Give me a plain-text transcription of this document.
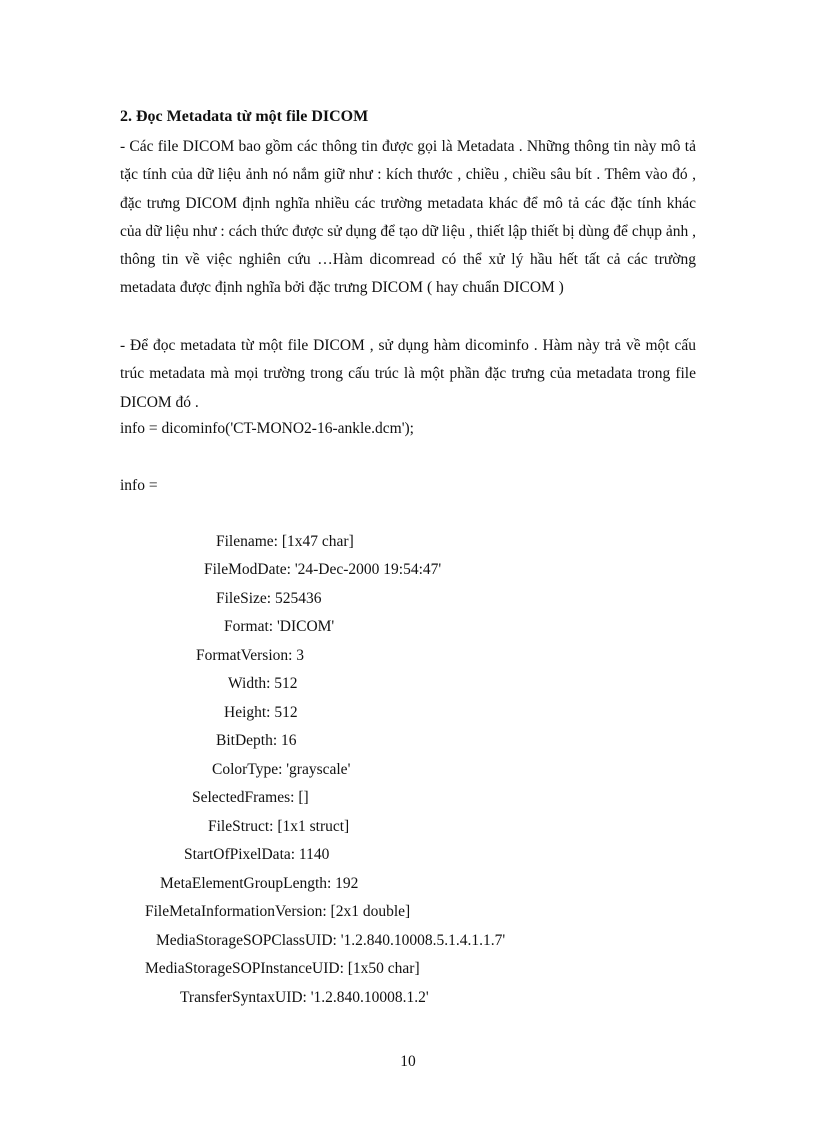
2. Đọc Metadata từ một file DICOM

- Các file DICOM bao gồm các thông tin được gọi là Metadata . Những thông tin này mô tả tặc tính của dữ liệu ảnh nó nắm giữ như : kích thước , chiều , chiều sâu bít . Thêm vào đó , đặc trưng DICOM định nghĩa nhiều các trường metadata khác để mô tả các đặc tính khác của dữ liệu như : cách thức được sử dụng để tạo dữ liệu , thiết lập thiết bị dùng để chụp ảnh , thông tin về việc nghiên cứu …Hàm dicomread có thể xử lý hầu hết tất cả các trường metadata được định nghĩa bởi đặc trưng DICOM ( hay chuẩn DICOM )

- Để đọc metadata từ một file DICOM , sử dụng hàm dicominfo . Hàm này trả về một cấu trúc metadata mà mọi trường trong cấu trúc là một phần đặc trưng của metadata trong file DICOM đó .

info = dicominfo('CT-MONO2-16-ankle.dcm');
info =
Filename: [1x47 char]
FileModDate: '24-Dec-2000 19:54:47'
FileSize: 525436
Format: 'DICOM'
FormatVersion: 3
Width: 512
Height: 512
BitDepth: 16
ColorType: 'grayscale'
SelectedFrames: []
FileStruct: [1x1 struct]
StartOfPixelData: 1140
MetaElementGroupLength: 192
FileMetaInformationVersion: [2x1 double]
MediaStorageSOPClassUID: '1.2.840.10008.5.1.4.1.1.7'
MediaStorageSOPInstanceUID: [1x50 char]
TransferSyntaxUID: '1.2.840.10008.1.2'
10
